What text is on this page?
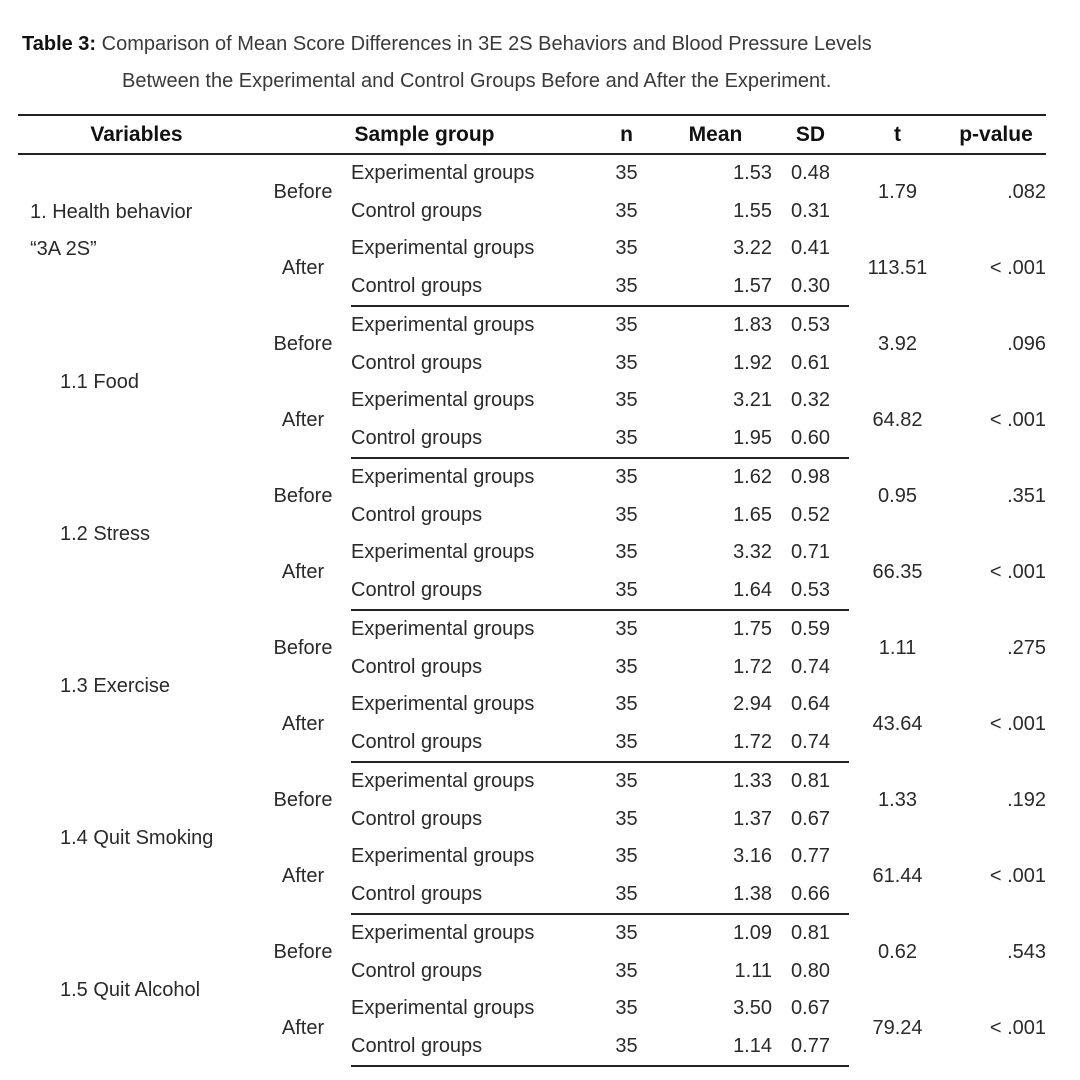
Table 3: Comparison of Mean Score Differences in 3E 2S Behaviors and Blood Pressure Levels
Between the Experimental and Control Groups Before and After the Experiment.
Variables	Sample group		n	Mean	SD	t	p-value

1. Health behavior
“3A 2S”	Before	Experimental groups	35	1.53	0.48	1.79	.082
		Control groups	35	1.55	0.31		
	After	Experimental groups	35	3.22	0.41	113.51	< .001
		Control groups	35	1.57	0.30		

1.1 Food	Before	Experimental groups	35	1.83	0.53	3.92	.096
		Control groups	35	1.92	0.61		
	After	Experimental groups	35	3.21	0.32	64.82	< .001
		Control groups	35	1.95	0.60		

1.2 Stress	Before	Experimental groups	35	1.62	0.98	0.95	.351
		Control groups	35	1.65	0.52		
	After	Experimental groups	35	3.32	0.71	66.35	< .001
		Control groups	35	1.64	0.53		

1.3 Exercise	Before	Experimental groups	35	1.75	0.59	1.11	.275
		Control groups	35	1.72	0.74		
	After	Experimental groups	35	2.94	0.64	43.64	< .001
		Control groups	35	1.72	0.74		

1.4 Quit Smoking	Before	Experimental groups	35	1.33	0.81	1.33	.192
		Control groups	35	1.37	0.67		
	After	Experimental groups	35	3.16	0.77	61.44	< .001
		Control groups	35	1.38	0.66		

1.5 Quit Alcohol	Before	Experimental groups	35	1.09	0.81	0.62	.543
		Control groups	35	1.11	0.80		
	After	Experimental groups	35	3.50	0.67	79.24	< .001
		Control groups	35	1.14	0.77		
